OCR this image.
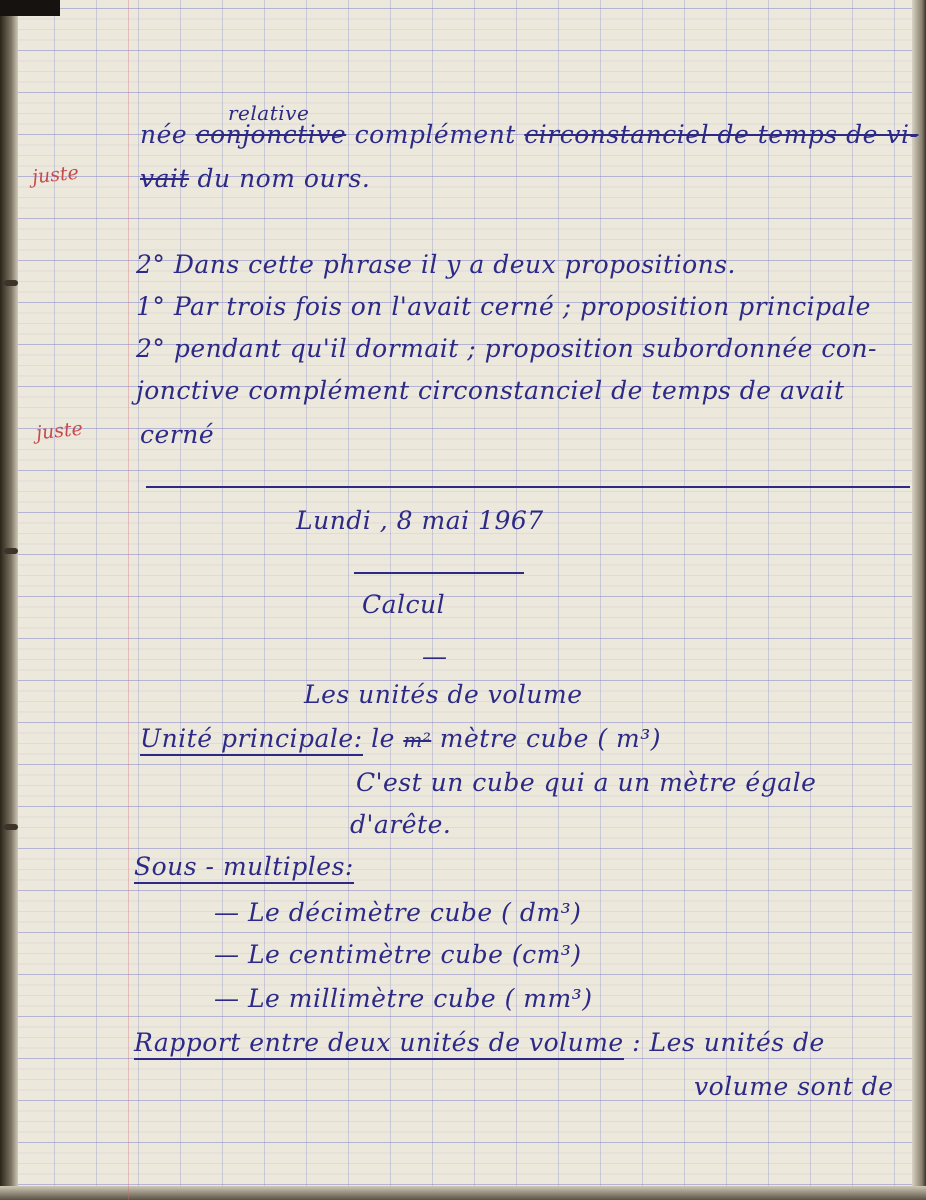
juste
juste
relative
née conjonctive complément circonstanciel de temps de vi-
vait du nom ours.
2° Dans cette phrase il y a deux propositions.
1° Par trois fois on l'avait cerné ; proposition principale
2° pendant qu'il dormait ; proposition subordonnée con-
jonctive complément circonstanciel de temps de avait
cerné
Lundi , 8 mai 1967
Calcul
—
Les unités de volume
Unité principale: le m² mètre cube ( m³)
C'est un cube qui a un mètre égale
d'arête.
Sous - multiples:
— Le décimètre cube ( dm³)
— Le centimètre cube (cm³)
— Le millimètre cube ( mm³)
Rapport entre deux unités de volume : Les unités de
volume sont de
